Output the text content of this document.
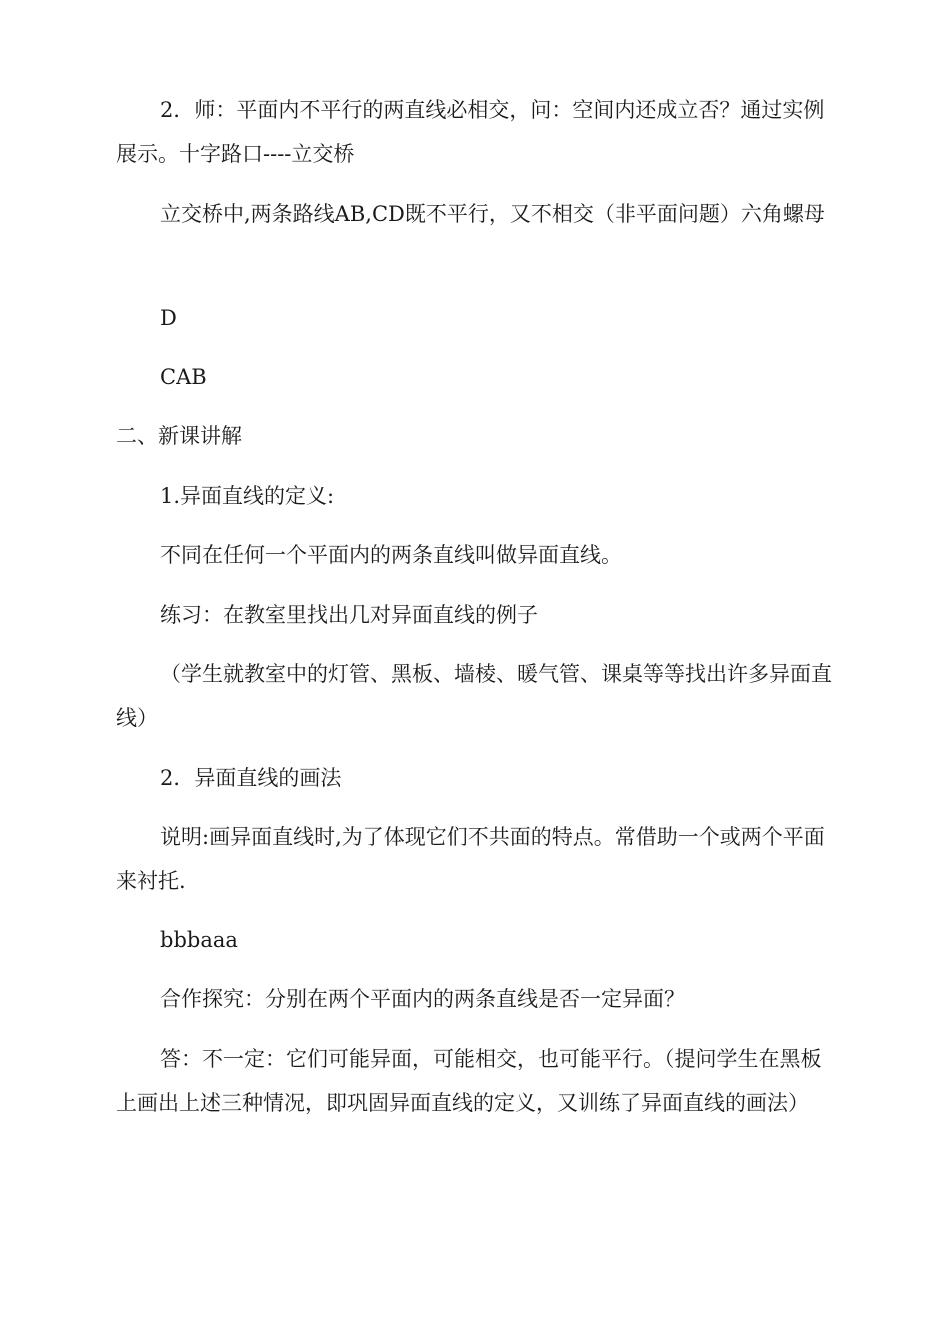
2．师：平面内不平行的两直线必相交，问：空间内还成立否？通过实例展示。十字路口----立交桥

立交桥中,两条路线AB,CD既不平行，又不相交（非平面问题）六角螺母

D

CAB

二、新课讲解

1.异面直线的定义:

不同在任何一个平面内的两条直线叫做异面直线。

练习：在教室里找出几对异面直线的例子

（学生就教室中的灯管、黑板、墙棱、暖气管、课桌等等找出许多异面直线）

2．异面直线的画法

说明:画异面直线时,为了体现它们不共面的特点。常借助一个或两个平面来衬托.

bbbaaa

合作探究：分别在两个平面内的两条直线是否一定异面？

答：不一定：它们可能异面，可能相交，也可能平行。（提问学生在黑板上画出上述三种情况，即巩固异面直线的定义，又训练了异面直线的画法）
